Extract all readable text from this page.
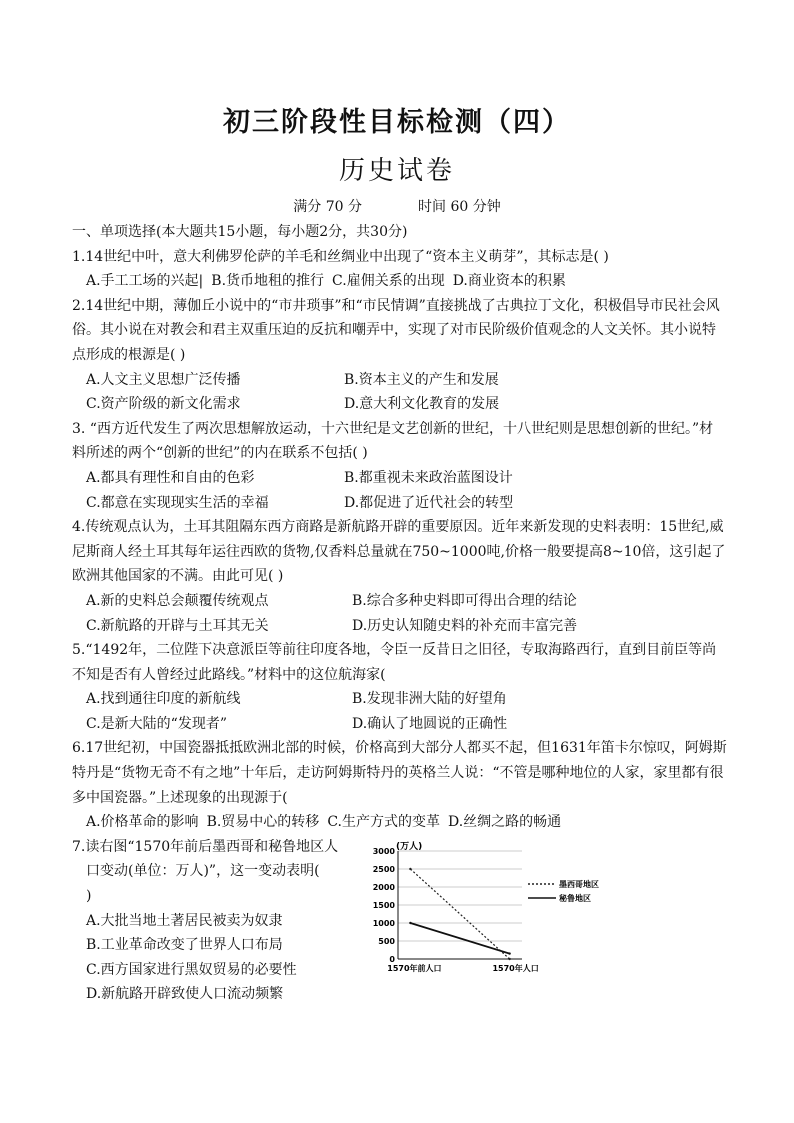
初三阶段性目标检测（四）
历史试卷
满分 70 分	时间 60 分钟
一、单项选择(本大题共15小题，每小题2分，共30分)
1.14世纪中叶，意大利佛罗伦萨的羊毛和丝绸业中出现了“资本主义萌芽”，其标志是( )
A.手工工场的兴起| B.货币地租的推行 C.雇佣关系的出现 D.商业资本的积累
2.14世纪中期，薄伽丘小说中的“市井琐事”和“市民情调”直接挑战了古典拉丁文化，积极倡导市民社会风俗。其小说在对教会和君主双重压迫的反抗和嘲弄中，实现了对市民阶级价值观念的人文关怀。其小说特点形成的根源是( )
A.人文主义思想广泛传播	B.资本主义的产生和发展
C.资产阶级的新文化需求	D.意大利文化教育的发展
3. “西方近代发生了两次思想解放运动，十六世纪是文艺创新的世纪，十八世纪则是思想创新的世纪。”材料所述的两个“创新的世纪”的内在联系不包括( )
A.都具有理性和自由的色彩	B.都重视未来政治蓝图设计
C.都意在实现现实生活的幸福	D.都促进了近代社会的转型
4.传统观点认为，土耳其阻隔东西方商路是新航路开辟的重要原因。近年来新发现的史料表明：15世纪,威尼斯商人经土耳其每年运往西欧的货物,仅香料总量就在750~1000吨,价格一般要提高8~10倍，这引起了欧洲其他国家的不满。由此可见( )
A.新的史料总会颠覆传统观点	B.综合多种史料即可得出合理的结论
C.新航路的开辟与土耳其无关	D.历史认知随史料的补充而丰富完善
5.“1492年，二位陛下决意派臣等前往印度各地，令臣一反昔日之旧径，专取海路西行，直到目前臣等尚不知是否有人曾经过此路线。”材料中的这位航海家(
A.找到通往印度的新航线	B.发现非洲大陆的好望角
C.是新大陆的“发现者”	D.确认了地圆说的正确性
6.17世纪初，中国瓷器抵抵欧洲北部的时候，价格高到大部分人都买不起，但1631年笛卡尔惊叹，阿姆斯特丹是“货物无奇不有之地”十年后，走访阿姆斯特丹的英格兰人说：“不管是哪种地位的人家，家里都有很多中国瓷器。”上述现象的出现源于(
A.价格革命的影响 B.贸易中心的转移 C.生产方式的变革 D.丝绸之路的畅通
7.读右图“1570年前后墨西哥和秘鲁地区人
口变动(单位：万人)”，这一变动表明(
)
A.大批当地土著居民被卖为奴隶
B.工业革命改变了世界人口布局
C.西方国家进行黑奴贸易的必要性
D.新航路开辟致使人口流动频繁
(万人)
0
500
1000
1500
2000
2500
3000
1570年前人口	1570年人口
墨西哥地区
秘鲁地区
